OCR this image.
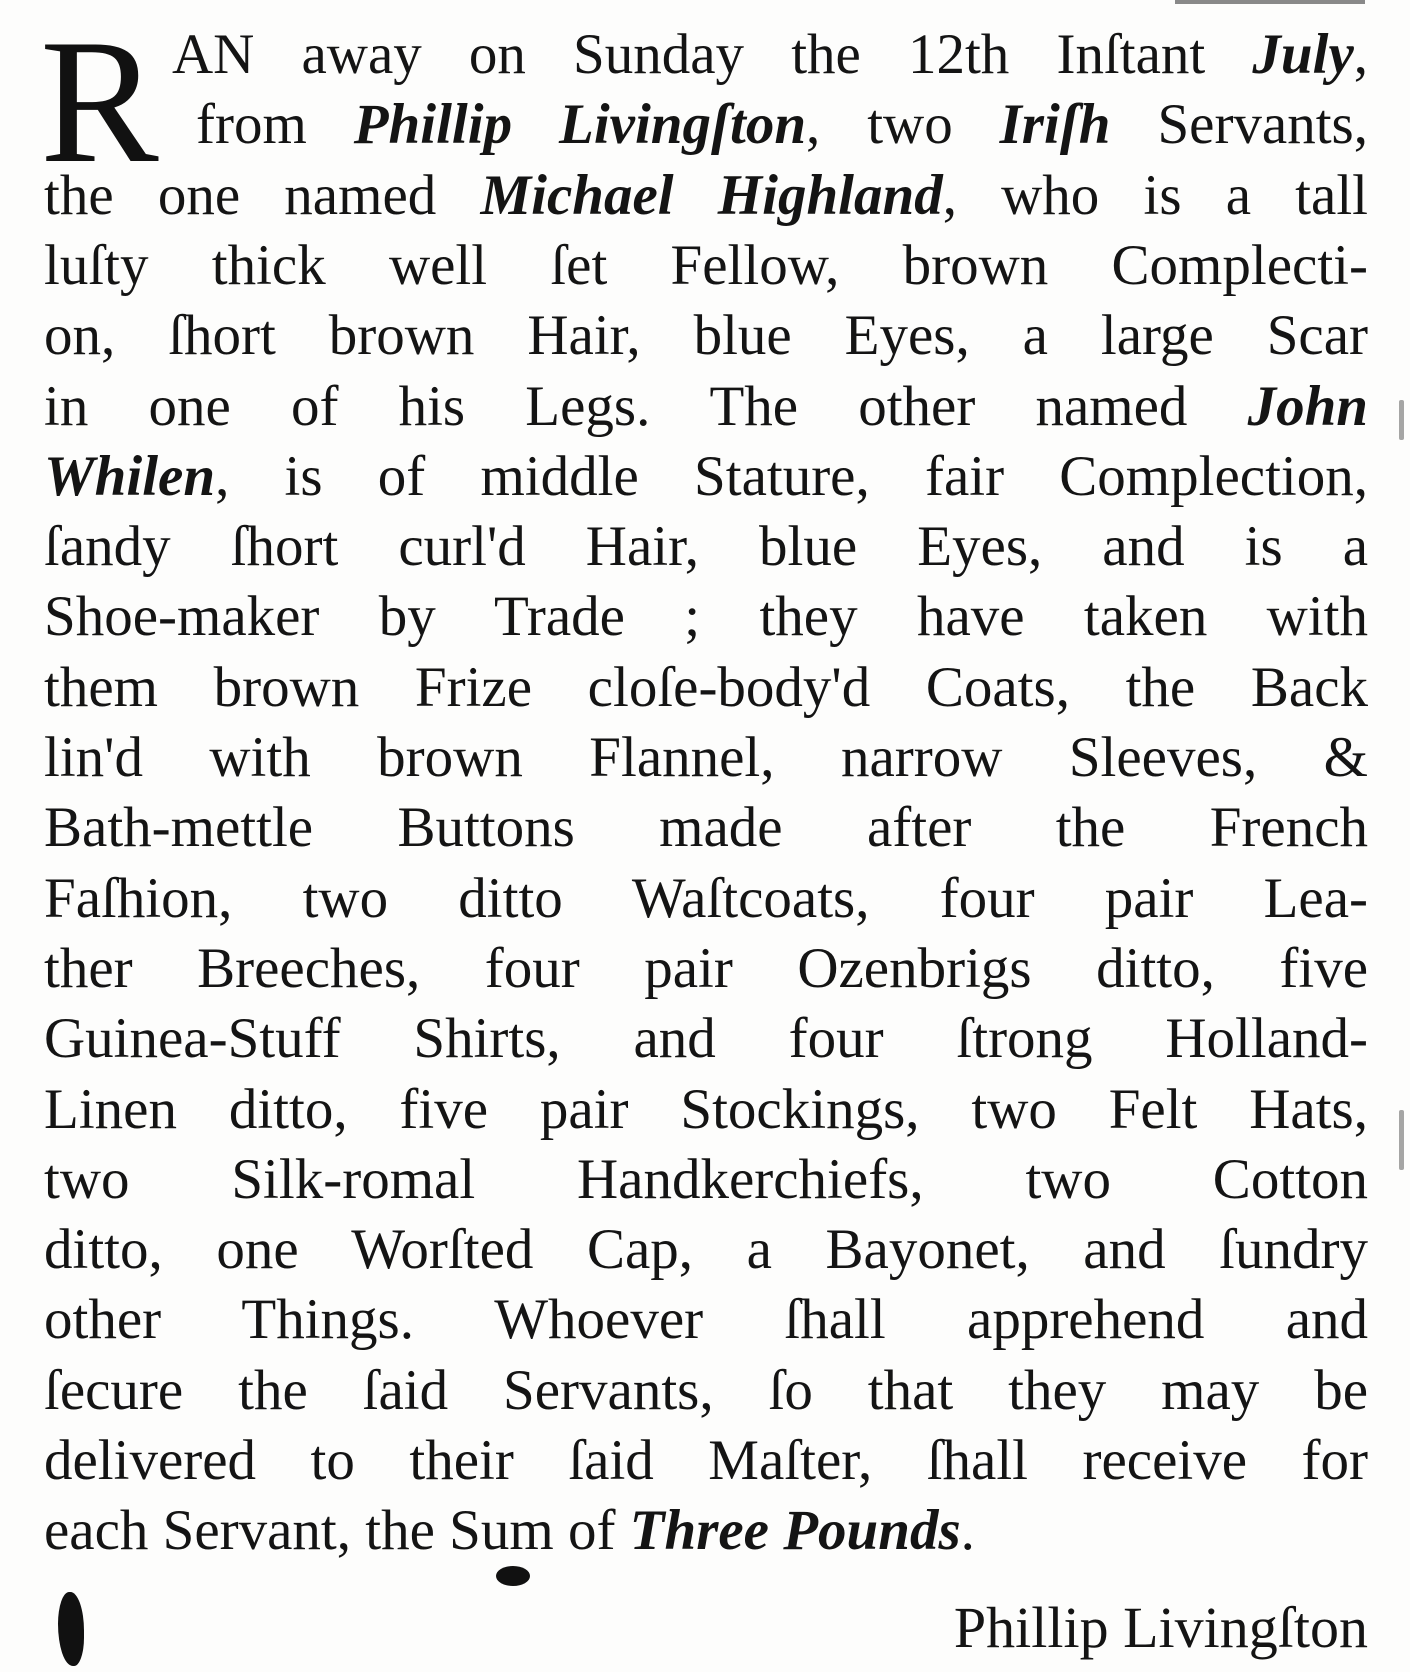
R AN away on Sunday the 12th Inſtant July,
from Phillip Livingſton, two Iriſh Servants,
the one named Michael Highland, who is a tall
luſty thick well ſet Fellow, brown Complecti-
on, ſhort brown Hair, blue Eyes, a large Scar
in one of his Legs. The other named John
Whilen, is of middle Stature, fair Complection,
ſandy ſhort curl'd Hair, blue Eyes, and is a
Shoe-maker by Trade ; they have taken with
them brown Frize cloſe-body'd Coats, the Back
lin'd with brown Flannel, narrow Sleeves, &
Bath-mettle Buttons made after the French
Faſhion, two ditto Waſtcoats, four pair Lea-
ther Breeches, four pair Ozenbrigs ditto, five
Guinea-Stuff Shirts, and four ſtrong Holland-
Linen ditto, five pair Stockings, two Felt Hats,
two Silk-romal Handkerchiefs, two Cotton
ditto, one Worſted Cap, a Bayonet, and ſundry
other Things. Whoever ſhall apprehend and
ſecure the ſaid Servants, ſo that they may be
delivered to their ſaid Maſter, ſhall receive for
each Servant, the Sum of Three Pounds.
Phillip Livingſton
